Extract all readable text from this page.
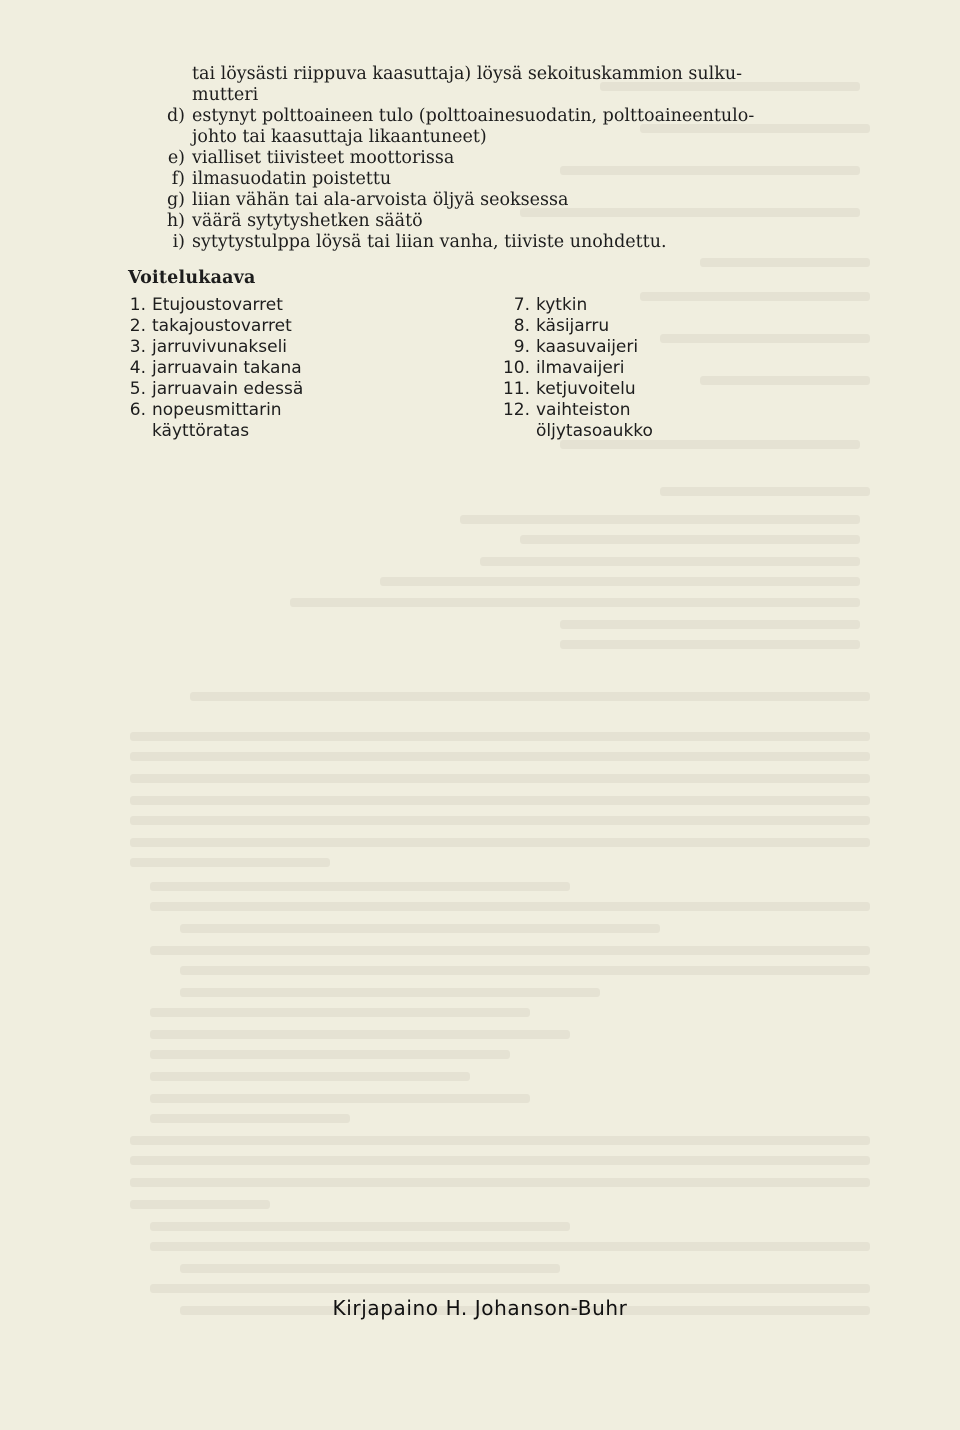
tai löysästi riippuva kaasuttaja) löysä sekoituskammion sulku-
mutteri
d) estynyt polttoaineen tulo (polttoainesuodatin, polttoaineentulo-
johto tai kaasuttaja likaantuneet)
e) vialliset tiivisteet moottorissa
f) ilmasuodatin poistettu
g) liian vähän tai ala-arvoista öljyä seoksessa
h) väärä sytytyshetken säätö
i) sytytystulppa löysä tai liian vanha, tiiviste unohdettu.
Voitelukaava
1. Etujoustovarret
2. takajoustovarret
3. jarruvivunakseli
4. jarruavain takana
5. jarruavain edessä
6. nopeusmittarin
käyttöratas
7. kytkin
8. käsijarru
9. kaasuvaijeri
10. ilmavaijeri
11. ketjuvoitelu
12. vaihteiston
öljytasoaukko
Kirjapaino H. Johanson-Buhr
